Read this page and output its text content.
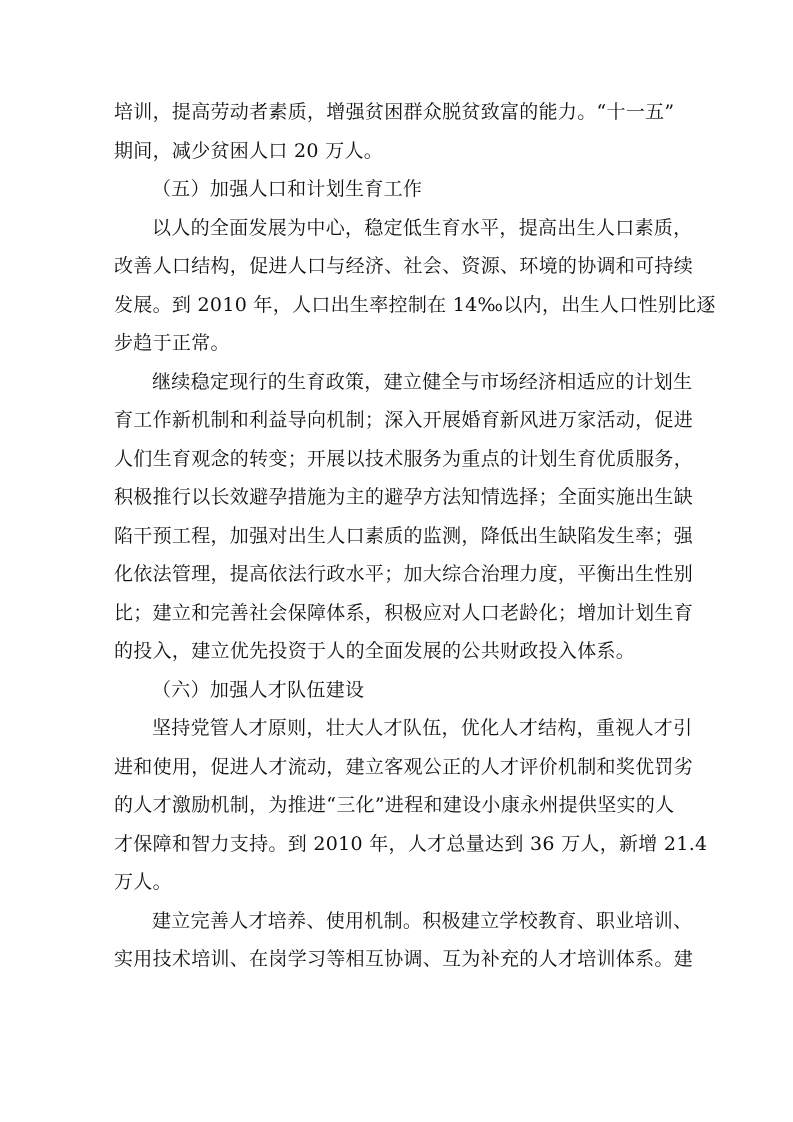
培训，提高劳动者素质，增强贫困群众脱贫致富的能力。“十一五”
期间，减少贫困人口 20 万人。
（五）加强人口和计划生育工作
以人的全面发展为中心，稳定低生育水平，提高出生人口素质，
改善人口结构，促进人口与经济、社会、资源、环境的协调和可持续
发展。到 2010 年，人口出生率控制在 14‰以内，出生人口性别比逐
步趋于正常。
继续稳定现行的生育政策，建立健全与市场经济相适应的计划生
育工作新机制和利益导向机制；深入开展婚育新风进万家活动，促进
人们生育观念的转变；开展以技术服务为重点的计划生育优质服务，
积极推行以长效避孕措施为主的避孕方法知情选择；全面实施出生缺
陷干预工程，加强对出生人口素质的监测，降低出生缺陷发生率；强
化依法管理，提高依法行政水平；加大综合治理力度，平衡出生性别
比；建立和完善社会保障体系，积极应对人口老龄化；增加计划生育
的投入，建立优先投资于人的全面发展的公共财政投入体系。
（六）加强人才队伍建设
坚持党管人才原则，壮大人才队伍，优化人才结构，重视人才引
进和使用，促进人才流动，建立客观公正的人才评价机制和奖优罚劣
的人才激励机制，为推进“三化”进程和建设小康永州提供坚实的人
才保障和智力支持。到 2010 年，人才总量达到 36 万人，新增 21.4
万人。
建立完善人才培养、使用机制。积极建立学校教育、职业培训、
实用技术培训、在岗学习等相互协调、互为补充的人才培训体系。建
